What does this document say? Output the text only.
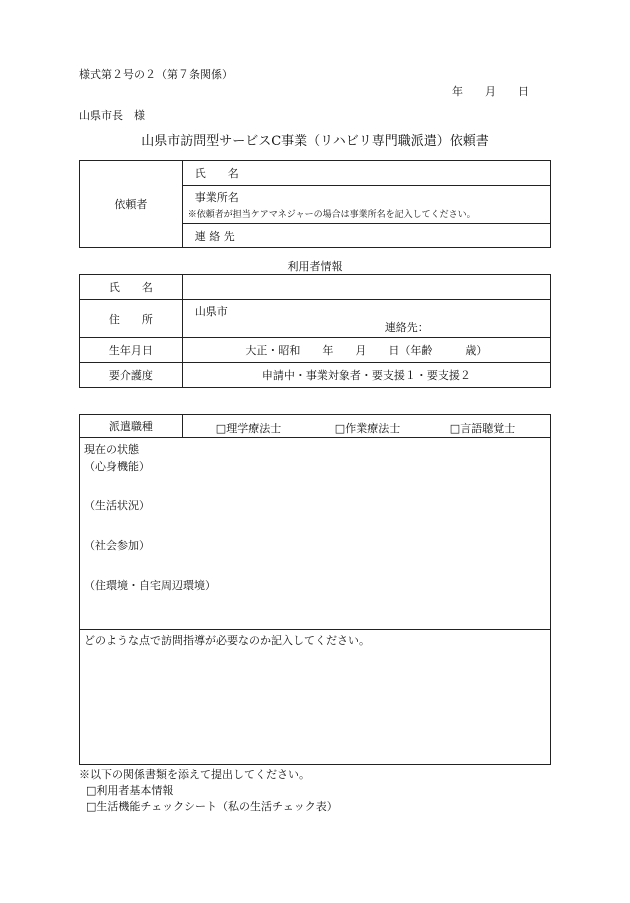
様式第２号の２（第７条関係）
年　　月　　日
山県市長　様
山県市訪問型サービスC事業（リハビリ専門職派遣）依頼書
依頼者	氏　　名

事業所名
※依頼者が担当ケアマネジャーの場合は事業所名を記入してください。

連 絡 先
利用者情報
氏　　名	
住　　所	山県市
連絡先：

生年月日	大正・昭和　　年　　月　　日（年齢　　　歳）
要介護度	申請中・事業対象者・要支援１・要支援２
派遣職種	□理学療法士	□作業療法士	□言語聴覚士

現在の状態
（心身機能）
（生活状況）
（社会参加）
（住環境・自宅周辺環境）

どのような点で訪問指導が必要なのか記入してください。
※以下の関係書類を添えて提出してください。
□利用者基本情報
□生活機能チェックシート（私の生活チェック表）
